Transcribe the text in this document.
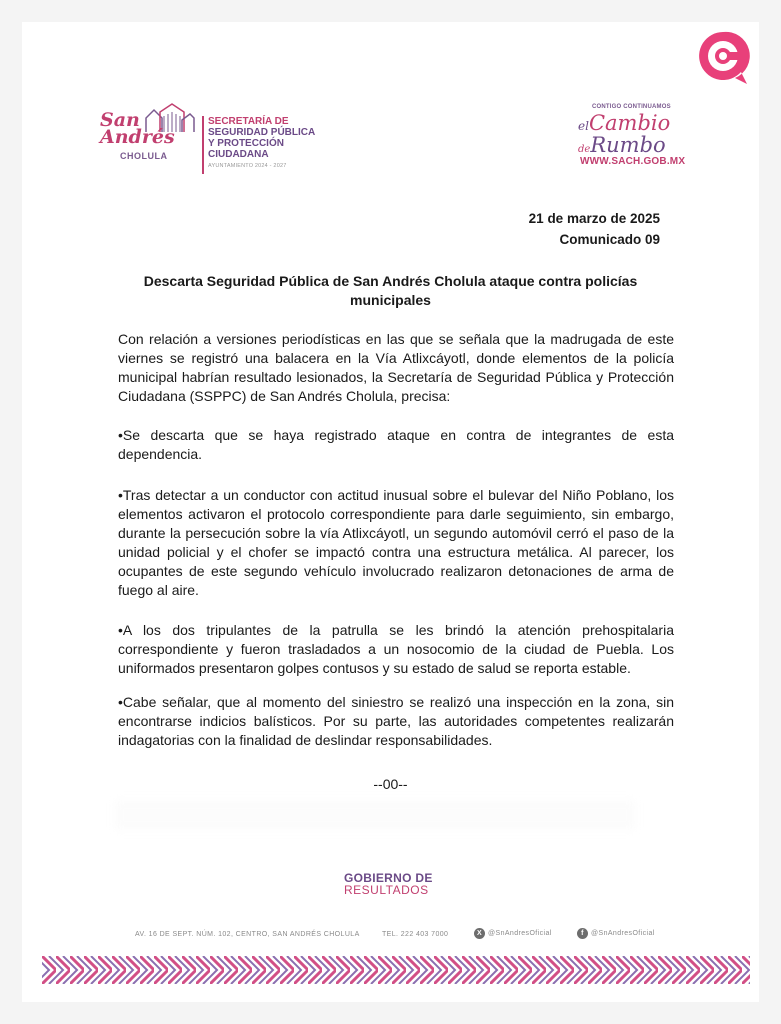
San
Andrés
CHOLULA
SECRETARÍA DE
SEGURIDAD PÚBLICA
Y PROTECCIÓN
CIUDADANA
AYUNTAMIENTO 2024 - 2027
CONTIGO CONTINUAMOS
elCambio
deRumbo
WWW.SACH.GOB.MX
21 de marzo de 2025
Comunicado 09
Descarta Seguridad Pública de San Andrés Cholula ataque contra policías municipales
Con relación a versiones periodísticas en las que se señala que la madrugada de este viernes se registró una balacera en la Vía Atlixcáyotl, donde elementos de la policía municipal habrían resultado lesionados, la Secretaría de Seguridad Pública y Protección Ciudadana (SSPPC) de San Andrés Cholula, precisa:
•Se descarta que se haya registrado ataque en contra de integrantes de esta dependencia.
•Tras detectar a un conductor con actitud inusual sobre el bulevar del Niño Poblano, los elementos activaron el protocolo correspondiente para darle seguimiento, sin embargo, durante la persecución sobre la vía Atlixcáyotl, un segundo automóvil cerró el paso de la unidad policial y el chofer se impactó contra una estructura metálica. Al parecer, los ocupantes de este segundo vehículo involucrado realizaron detonaciones de arma de fuego al aire.
•A los dos tripulantes de la patrulla se les brindó la atención prehospitalaria correspondiente y fueron trasladados a un nosocomio de la ciudad de Puebla. Los uniformados presentaron golpes contusos y su estado de salud se reporta estable.
•Cabe señalar, que al momento del siniestro se realizó una inspección en la zona, sin encontrarse indicios balísticos. Por su parte, las autoridades competentes realizarán indagatorias con la finalidad de deslindar responsabilidades.
--00--
GOBIERNO DE
RESULTADOS
AV. 16 DE SEPT. NÚM. 102, CENTRO, SAN ANDRÉS CHOLULA	TEL. 222 403 7000	X @SnAndresOficial	f @SnAndresOficial
